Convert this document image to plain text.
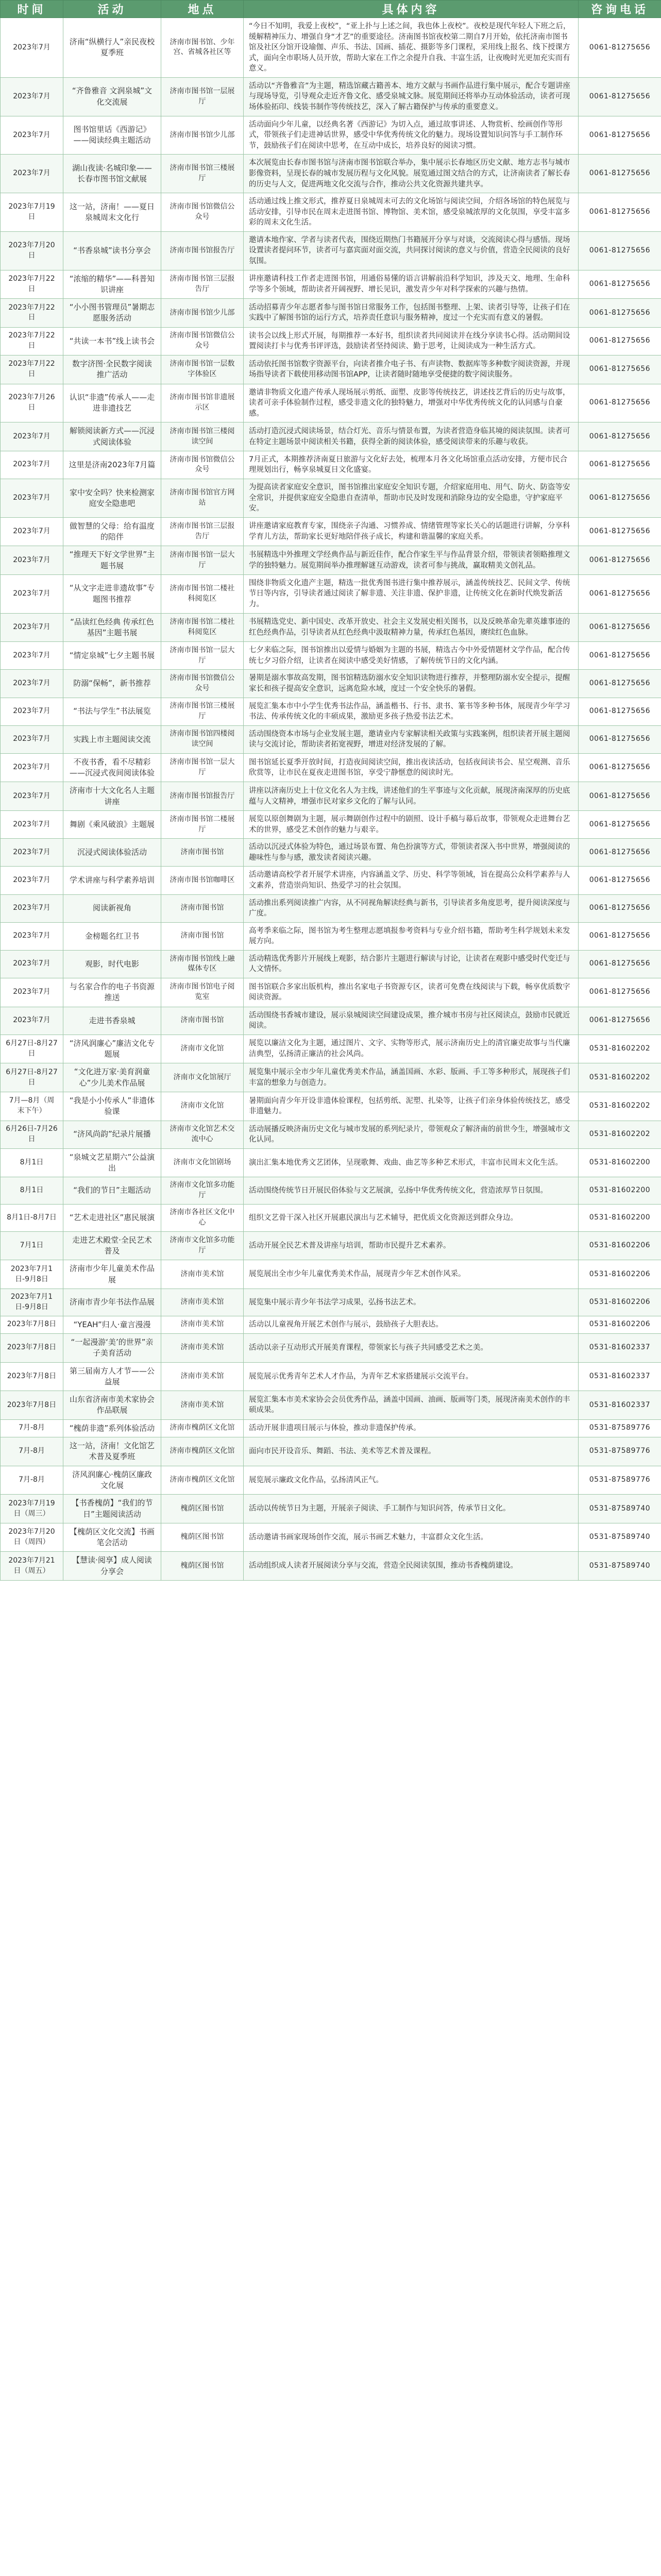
时间	活动	地点	具体内容	咨询电话
2023年7月	济南“纵横行人”亲民夜校夏季班	济南市图书馆、少年宫、省城各社区等	“今日不知明，我爱上夜校”，“亚上扑与上述之间，我也体上夜校”。夜校是现代年轻人下班之后，缓解精神压力、增强自身“才艺”的重要途径。济南图书馆夜校第二期自7月开始，依托济南市图书馆及社区分馆开设瑜伽、声乐、书法、国画、插花、摄影等多门课程，采用线上报名、线下授课方式，面向全市职场人员开放，帮助大家在工作之余提升自我、丰富生活，让夜晚时光更加充实而有意义。	0061-81275656
2023年7月	“齐鲁雅音 文润泉城”文化交流展	济南市图书馆一层展厅	活动以“齐鲁雅音”为主题，精选馆藏古籍善本、地方文献与书画作品进行集中展示，配合专题讲座与现场导览，引导观众走近齐鲁文化、感受泉城文脉。展览期间还将举办互动体验活动，读者可现场体验拓印、线装书制作等传统技艺，深入了解古籍保护与传承的重要意义。	0061-81275656
2023年7月	图书馆里话《西游记》——阅读经典主题活动	济南市图书馆少儿部	活动面向少年儿童，以经典名著《西游记》为切入点，通过故事讲述、人物赏析、绘画创作等形式，带领孩子们走进神话世界，感受中华优秀传统文化的魅力。现场设置知识问答与手工制作环节，鼓励孩子们在阅读中思考，在互动中成长，培养良好的阅读习惯。	0061-81275656
2023年7月	湖山夜读·名城印象——长春市图书馆文献展	济南市图书馆三楼展厅	本次展览由长春市图书馆与济南市图书馆联合举办，集中展示长春地区历史文献、地方志书与城市影像资料，呈现长春的城市发展历程与文化风貌。展览通过图文结合的方式，让济南读者了解长春的历史与人文，促进两地文化交流与合作，推动公共文化资源共建共享。	0061-81275656
2023年7月19日	这一站，济南！——夏日泉城周末文化行	济南市图书馆微信公众号	活动通过线上推文形式，推荐夏日泉城周末可去的文化场馆与阅读空间，介绍各场馆的特色展览与活动安排，引导市民在周末走进图书馆、博物馆、美术馆，感受泉城浓厚的文化氛围，享受丰富多彩的周末文化生活。	0061-81275656
2023年7月20日	“书香泉城”读书分享会	济南市图书馆报告厅	邀请本地作家、学者与读者代表，围绕近期热门书籍展开分享与对谈，交流阅读心得与感悟。现场设置读者提问环节，读者可与嘉宾面对面交流，共同探讨阅读的意义与价值，营造全民阅读的良好氛围。	0061-81275656
2023年7月22日	“浓缩的精华”——科普知识讲座	济南市图书馆三层报告厅	讲座邀请科技工作者走进图书馆，用通俗易懂的语言讲解前沿科学知识，涉及天文、地理、生命科学等多个领域，帮助读者开阔视野、增长见识，激发青少年对科学探索的兴趣与热情。	0061-81275656
2023年7月22日	“小小图书管理员”暑期志愿服务活动	济南市图书馆少儿部	活动招募青少年志愿者参与图书馆日常服务工作，包括图书整理、上架、读者引导等，让孩子们在实践中了解图书馆的运行方式，培养责任意识与服务精神，度过一个充实而有意义的暑假。	0061-81275656
2023年7月22日	“共读一本书”线上读书会	济南市图书馆微信公众号	读书会以线上形式开展，每期推荐一本好书，组织读者共同阅读并在线分享读书心得。活动期间设置阅读打卡与优秀书评评选，鼓励读者坚持阅读、勤于思考，让阅读成为一种生活方式。	0061-81275656
2023年7月22日	数字济图·全民数字阅读推广活动	济南市图书馆一层数字体验区	活动依托图书馆数字资源平台，向读者推介电子书、有声读物、数据库等多种数字阅读资源，并现场指导读者下载使用移动图书馆APP，让读者随时随地享受便捷的数字阅读服务。	0061-81275656
2023年7月26日	认识“非遗”传承人——走进非遗技艺	济南市图书馆非遗展示区	邀请非物质文化遗产传承人现场展示剪纸、面塑、皮影等传统技艺，讲述技艺背后的历史与故事，读者可亲手体验制作过程，感受非遗文化的独特魅力，增强对中华优秀传统文化的认同感与自豪感。	0061-81275656
2023年7月	解锁阅读新方式——沉浸式阅读体验	济南市图书馆三楼阅读空间	活动打造沉浸式阅读场景，结合灯光、音乐与情景布置，为读者营造身临其境的阅读氛围。读者可在特定主题场景中阅读相关书籍，获得全新的阅读体验，感受阅读带来的乐趣与收获。	0061-81275656
2023年7月	这里是济南2023年7月篇	济南市图书馆微信公众号	7月正式，本期推荐济南夏日旅游与文化好去处，梳理本月各文化场馆重点活动安排，方便市民合理规划出行，畅享泉城夏日文化盛宴。	0061-81275656
2023年7月	家中安全吗？快来检测家庭安全隐患吧	济南市图书馆官方网站	为提高读者家庭安全意识，图书馆推出家庭安全知识专题，介绍家庭用电、用气、防火、防盗等安全常识，并提供家庭安全隐患自查清单，帮助市民及时发现和消除身边的安全隐患，守护家庭平安。	0061-81275656
2023年7月	做智慧的父母：给有温度的陪伴	济南市图书馆三层报告厅	讲座邀请家庭教育专家，围绕亲子沟通、习惯养成、情绪管理等家长关心的话题进行讲解，分享科学育儿方法，帮助家长更好地陪伴孩子成长，构建和谐温馨的家庭关系。	0061-81275656
2023年7月	“推理天下好文学世界”主题书展	济南市图书馆一层大厅	书展精选中外推理文学经典作品与新近佳作，配合作家生平与作品背景介绍，带领读者领略推理文学的独特魅力。展览期间举办推理解谜互动游戏，读者可参与挑战，赢取精美文创礼品。	0061-81275656
2023年7月	“从文字走进非遗故事”专题图书推荐	济南市图书馆二楼社科阅览区	围绕非物质文化遗产主题，精选一批优秀图书进行集中推荐展示，涵盖传统技艺、民间文学、传统节日等内容，引导读者通过阅读了解非遗、关注非遗、保护非遗，让传统文化在新时代焕发新活力。	0061-81275656
2023年7月	“品读红色经典 传承红色基因”主题书展	济南市图书馆二楼社科阅览区	书展精选党史、新中国史、改革开放史、社会主义发展史相关图书，以及反映革命先辈英雄事迹的红色经典作品，引导读者从红色经典中汲取精神力量，传承红色基因，赓续红色血脉。	0061-81275656
2023年7月	“情定泉城”七夕主题书展	济南市图书馆一层大厅	七夕来临之际，图书馆推出以爱情与婚姻为主题的书展，精选古今中外爱情题材文学作品，配合传统七夕习俗介绍，让读者在阅读中感受美好情感，了解传统节日的文化内涵。	0061-81275656
2023年7月	防溺“保畅”，新书推荐	济南市图书馆微信公众号	暑期是溺水事故高发期，图书馆精选防溺水安全知识读物进行推荐，并整理防溺水安全提示，提醒家长和孩子提高安全意识，远离危险水域，度过一个安全快乐的暑假。	0061-81275656
2023年7月	“书法与学生”书法展览	济南市图书馆三楼展厅	展览汇集本市中小学生优秀书法作品，涵盖楷书、行书、隶书、篆书等多种书体，展现青少年学习书法、传承传统文化的丰硕成果，激励更多孩子热爱书法艺术。	0061-81275656
2023年7月	实践上市主题阅读交流	济南市图书馆四楼阅读空间	活动围绕资本市场与企业发展主题，邀请业内专家解读相关政策与实践案例，组织读者开展主题阅读与交流讨论，帮助读者拓宽视野，增进对经济发展的了解。	0061-81275656
2023年7月	不夜书香，看不尽精彩——沉浸式夜间阅读体验	济南市图书馆一层大厅	图书馆延长夏季开放时间，打造夜间阅读空间，推出夜读活动，包括夜间读书会、星空观测、音乐欣赏等，让市民在夏夜走进图书馆，享受宁静惬意的阅读时光。	0061-81275656
2023年7月	济南市十大文化名人主题讲座	济南市图书馆报告厅	讲座以济南历史上十位文化名人为主线，讲述他们的生平事迹与文化贡献，展现济南深厚的历史底蕴与人文精神，增强市民对家乡文化的了解与认同。	0061-81275656
2023年7月	舞剧《乘风破浪》主题展	济南市图书馆二楼展厅	展览以原创舞剧为主题，展示舞剧创作过程中的剧照、设计手稿与幕后故事，带领观众走进舞台艺术的世界，感受艺术创作的魅力与艰辛。	0061-81275656
2023年7月	沉浸式阅读体验活动	济南市图书馆	活动以沉浸式体验为特色，通过场景布置、角色扮演等方式，带领读者深入书中世界，增强阅读的趣味性与参与感，激发读者阅读兴趣。	0061-81275656
2023年7月	学术讲座与科学素养培训	济南市图书馆咖啡区	活动邀请高校学者开展学术讲座，内容涵盖文学、历史、科学等领域，旨在提高公众科学素养与人文素养，营造崇尚知识、热爱学习的社会氛围。	0061-81275656
2023年7月	阅读新视角	济南市图书馆	活动推出系列阅读推广内容，从不同视角解读经典与新书，引导读者多角度思考，提升阅读深度与广度。	0061-81275656
2023年7月	金榜题名红卫书	济南市图书馆	高考季来临之际，图书馆为考生整理志愿填报参考资料与专业介绍书籍，帮助考生科学规划未来发展方向。	0061-81275656
2023年7月	观影，时代电影	济南市图书馆线上融媒体专区	活动精选优秀影片开展线上观影，结合影片主题进行解读与讨论，让读者在观影中感受时代变迁与人文情怀。	0061-81275656
2023年7月	与名家合作的电子书资源推送	济南市图书馆电子阅览室	图书馆联合多家出版机构，推出名家电子书资源专区，读者可免费在线阅读与下载，畅享优质数字阅读资源。	0061-81275656
2023年7月	走进书香泉城	济南市图书馆	活动围绕书香城市建设，展示泉城阅读空间建设成果，推介城市书房与社区阅读点，鼓励市民就近阅读。	0061-81275656
6月27日-8月27日	“济风润廉心”廉洁文化专题展	济南市文化馆	展览以廉洁文化为主题，通过图片、文字、实物等形式，展示济南历史上的清官廉吏故事与当代廉洁典型，弘扬清正廉洁的社会风尚。	0531-81602202
6月27日-8月27日	“文化进万家·美育润童心”少儿美术作品展	济南市文化馆展厅	展览集中展示全市少年儿童优秀美术作品，涵盖国画、水彩、版画、手工等多种形式，展现孩子们丰富的想象力与创造力。	0531-81602202
7月—8月（周末下午）	“我是小小传承人”非遗体验课	济南市文化馆	暑期面向青少年开设非遗体验课程，包括剪纸、泥塑、扎染等，让孩子们亲身体验传统技艺，感受非遗魅力。	0531-81602202
6月26日-7月26日	“济风尚韵”纪录片展播	济南市文化馆艺术交流中心	活动展播反映济南历史文化与城市发展的系列纪录片，带领观众了解济南的前世今生，增强城市文化认同。	0531-81602202
8月1日	“泉城文艺星期六”公益演出	济南市文化馆剧场	演出汇集本地优秀文艺团体，呈现歌舞、戏曲、曲艺等多种艺术形式，丰富市民周末文化生活。	0531-81602200
8月1日	“我们的节日”主题活动	济南市文化馆多功能厅	活动围绕传统节日开展民俗体验与文艺展演，弘扬中华优秀传统文化，营造浓厚节日氛围。	0531-81602200
8月1日-8月7日	“艺术走进社区”惠民展演	济南市各社区文化中心	组织文艺骨干深入社区开展惠民演出与艺术辅导，把优质文化资源送到群众身边。	0531-81602200
7月1日	走进艺术殿堂·全民艺术普及	济南市文化馆多功能厅	活动开展全民艺术普及讲座与培训，帮助市民提升艺术素养。	0531-81602206
2023年7月1日-9月8日	济南市少年儿童美术作品展	济南市美术馆	展览展出全市少年儿童优秀美术作品，展现青少年艺术创作风采。	0531-81602206
2023年7月1日-9月8日	济南市青少年书法作品展	济南市美术馆	展览集中展示青少年书法学习成果，弘扬书法艺术。	0531-81602206
2023年7月8日	“YEAH”归人·童言漫漫	济南市美术馆	活动以儿童视角开展艺术创作与展示，鼓励孩子大胆表达。	0531-81602206
2023年7月8日	“一起漫游‘美’的世界”亲子美育活动	济南市美术馆	活动以亲子互动形式开展美育课程，带领家长与孩子共同感受艺术之美。	0531-81602337
2023年7月8日	第三届南方人才节——公益展	济南市美术馆	展览展示优秀青年艺术人才作品，为青年艺术家搭建展示交流平台。	0531-81602337
2023年7月8日	山东省济南市美术家协会作品联展	济南市美术馆	展览汇集本市美术家协会会员优秀作品，涵盖中国画、油画、版画等门类，展现济南美术创作的丰硕成果。	0531-81602337
7月-8月	“槐荫非遗”系列体验活动	济南市槐荫区文化馆	活动开展非遗项目展示与体验，推动非遗保护传承。	0531-87589776
7月-8月	这一站，济南！文化馆艺术普及夏季班	济南市槐荫区文化馆	面向市民开设音乐、舞蹈、书法、美术等艺术普及课程。	0531-87589776
7月-8月	济风润廉心·槐荫区廉政文化展	济南市槐荫区文化馆	展览展示廉政文化作品，弘扬清风正气。	0531-87589776
2023年7月19日（周三）	【书香槐荫】“我们的节日”主题阅读活动	槐荫区图书馆	活动以传统节日为主题，开展亲子阅读、手工制作与知识问答，传承节日文化。	0531-87589740
2023年7月20日（周四）	【槐荫区文化交流】书画笔会活动	槐荫区图书馆	活动邀请书画家现场创作交流，展示书画艺术魅力，丰富群众文化生活。	0531-87589740
2023年7月21日（周五）	【慧读·阅享】成人阅读分享会	槐荫区图书馆	活动组织成人读者开展阅读分享与交流，营造全民阅读氛围，推动书香槐荫建设。	0531-87589740
